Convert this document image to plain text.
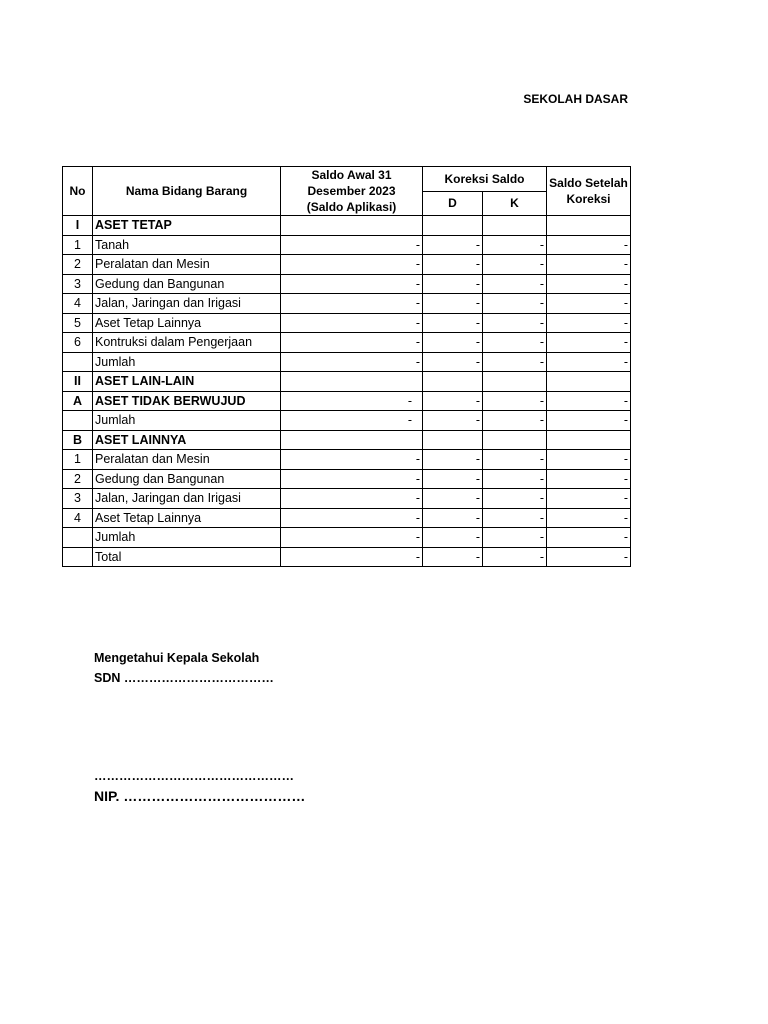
SEKOLAH DASAR
No	Nama Bidang Barang	Saldo Awal 31
Desember 2023
(Saldo Aplikasi)	Koreksi Saldo		Saldo Setelah Koreksi
			D	K	
I	ASET TETAP				
1	Tanah	-	-	-	-
2	Peralatan dan Mesin	-	-	-	-
3	Gedung dan Bangunan	-	-	-	-
4	Jalan, Jaringan dan Irigasi	-	-	-	-
5	Aset Tetap Lainnya	-	-	-	-
6	Kontruksi dalam Pengerjaan	-	-	-	-
	Jumlah	-	-	-	-
II	ASET LAIN-LAIN				
A	ASET TIDAK BERWUJUD	-	-	-	-
	Jumlah	-	-	-	-
B	ASET LAINNYA				
1	Peralatan dan Mesin	-	-	-	-
2	Gedung dan Bangunan	-	-	-	-
3	Jalan, Jaringan dan Irigasi	-	-	-	-
4	Aset Tetap Lainnya	-	-	-	-
	Jumlah	-	-	-	-
	Total	-	-	-	-
Mengetahui Kepala Sekolah
SDN ………………………………
…………………………………………
NIP. …………………………………
